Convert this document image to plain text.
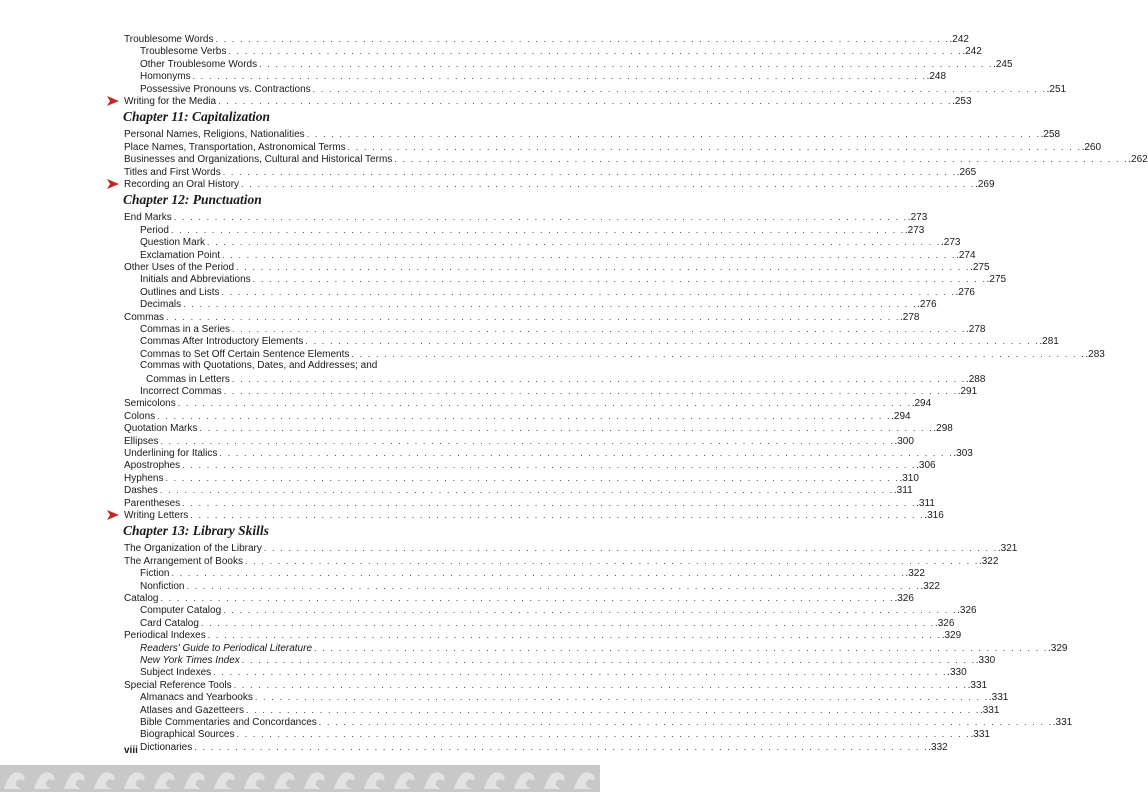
Troublesome Words . . . . . . . . . . . . . . . . . . . . . . . . . . . . . . . . . . . . . . . . . . . . . . . . . . . . . . . . . . . . . . . . . . . . . . . . . . . . . . . . . . . . . . . . . . .242
Troublesome Verbs . . . . . . . . . . . . . . . . . . . . . . . . . . . . . . . . . . . . . . . . . . . . . . . . . . . . . . . . . . . . . . . . . . . . . . . . . . . . . . . . . . . . . . . . . . .242
Other Troublesome Words . . . . . . . . . . . . . . . . . . . . . . . . . . . . . . . . . . . . . . . . . . . . . . . . . . . . . . . . . . . . . . . . . . . . . . . . . . . . . . . . . . . . . . . . . . .245
Homonyms . . . . . . . . . . . . . . . . . . . . . . . . . . . . . . . . . . . . . . . . . . . . . . . . . . . . . . . . . . . . . . . . . . . . . . . . . . . . . . . . . . . . . . . . . . .248
Possessive Pronouns vs. Contractions . . . . . . . . . . . . . . . . . . . . . . . . . . . . . . . . . . . . . . . . . . . . . . . . . . . . . . . . . . . . . . . . . . . . . . . . . . . . . . . . . . . . . . . . . . .251
Writing for the Media . . . . . . . . . . . . . . . . . . . . . . . . . . . . . . . . . . . . . . . . . . . . . . . . . . . . . . . . . . . . . . . . . . . . . . . . . . . . . . . . . . . . . . . . . . .253
Chapter 11: Capitalization
Personal Names, Religions, Nationalities . . . . . . . . . . . . . . . . . . . . . . . . . . . . . . . . . . . . . . . . . . . . . . . . . . . . . . . . . . . . . . . . . . . . . . . . . . . . . . . . . . . . . . . . . . .258
Place Names, Transportation, Astronomical Terms . . . . . . . . . . . . . . . . . . . . . . . . . . . . . . . . . . . . . . . . . . . . . . . . . . . . . . . . . . . . . . . . . . . . . . . . . . . . . . . . . . . . . . . . . . .260
Businesses and Organizations, Cultural and Historical Terms . . . . . . . . . . . . . . . . . . . . . . . . . . . . . . . . . . . . . . . . . . . . . . . . . . . . . . . . . . . . . . . . . . . . . . . . . . . . . . . . . . . . . . . . . . .262
Titles and First Words . . . . . . . . . . . . . . . . . . . . . . . . . . . . . . . . . . . . . . . . . . . . . . . . . . . . . . . . . . . . . . . . . . . . . . . . . . . . . . . . . . . . . . . . . . .265
Recording an Oral History . . . . . . . . . . . . . . . . . . . . . . . . . . . . . . . . . . . . . . . . . . . . . . . . . . . . . . . . . . . . . . . . . . . . . . . . . . . . . . . . . . . . . . . . . . .269
Chapter 12: Punctuation
End Marks . . . . . . . . . . . . . . . . . . . . . . . . . . . . . . . . . . . . . . . . . . . . . . . . . . . . . . . . . . . . . . . . . . . . . . . . . . . . . . . . . . . . . . . . . . .273
Period . . . . . . . . . . . . . . . . . . . . . . . . . . . . . . . . . . . . . . . . . . . . . . . . . . . . . . . . . . . . . . . . . . . . . . . . . . . . . . . . . . . . . . . . . . .273
Question Mark . . . . . . . . . . . . . . . . . . . . . . . . . . . . . . . . . . . . . . . . . . . . . . . . . . . . . . . . . . . . . . . . . . . . . . . . . . . . . . . . . . . . . . . . . . .273
Exclamation Point . . . . . . . . . . . . . . . . . . . . . . . . . . . . . . . . . . . . . . . . . . . . . . . . . . . . . . . . . . . . . . . . . . . . . . . . . . . . . . . . . . . . . . . . . . .274
Other Uses of the Period . . . . . . . . . . . . . . . . . . . . . . . . . . . . . . . . . . . . . . . . . . . . . . . . . . . . . . . . . . . . . . . . . . . . . . . . . . . . . . . . . . . . . . . . . . .275
Initials and Abbreviations . . . . . . . . . . . . . . . . . . . . . . . . . . . . . . . . . . . . . . . . . . . . . . . . . . . . . . . . . . . . . . . . . . . . . . . . . . . . . . . . . . . . . . . . . . .275
Outlines and Lists . . . . . . . . . . . . . . . . . . . . . . . . . . . . . . . . . . . . . . . . . . . . . . . . . . . . . . . . . . . . . . . . . . . . . . . . . . . . . . . . . . . . . . . . . . .276
Decimals . . . . . . . . . . . . . . . . . . . . . . . . . . . . . . . . . . . . . . . . . . . . . . . . . . . . . . . . . . . . . . . . . . . . . . . . . . . . . . . . . . . . . . . . . . .276
Commas . . . . . . . . . . . . . . . . . . . . . . . . . . . . . . . . . . . . . . . . . . . . . . . . . . . . . . . . . . . . . . . . . . . . . . . . . . . . . . . . . . . . . . . . . . .278
Commas in a Series . . . . . . . . . . . . . . . . . . . . . . . . . . . . . . . . . . . . . . . . . . . . . . . . . . . . . . . . . . . . . . . . . . . . . . . . . . . . . . . . . . . . . . . . . . .278
Commas After Introductory Elements . . . . . . . . . . . . . . . . . . . . . . . . . . . . . . . . . . . . . . . . . . . . . . . . . . . . . . . . . . . . . . . . . . . . . . . . . . . . . . . . . . . . . . . . . . .281
Commas to Set Off Certain Sentence Elements . . . . . . . . . . . . . . . . . . . . . . . . . . . . . . . . . . . . . . . . . . . . . . . . . . . . . . . . . . . . . . . . . . . . . . . . . . . . . . . . . . . . . . . . . . .283
Commas with Quotations, Dates, and Addresses; and
Commas in Letters . . . . . . . . . . . . . . . . . . . . . . . . . . . . . . . . . . . . . . . . . . . . . . . . . . . . . . . . . . . . . . . . . . . . . . . . . . . . . . . . . . . . . . . . . . .288
Incorrect Commas . . . . . . . . . . . . . . . . . . . . . . . . . . . . . . . . . . . . . . . . . . . . . . . . . . . . . . . . . . . . . . . . . . . . . . . . . . . . . . . . . . . . . . . . . . .291
Semicolons . . . . . . . . . . . . . . . . . . . . . . . . . . . . . . . . . . . . . . . . . . . . . . . . . . . . . . . . . . . . . . . . . . . . . . . . . . . . . . . . . . . . . . . . . . .294
Colons . . . . . . . . . . . . . . . . . . . . . . . . . . . . . . . . . . . . . . . . . . . . . . . . . . . . . . . . . . . . . . . . . . . . . . . . . . . . . . . . . . . . . . . . . . .294
Quotation Marks . . . . . . . . . . . . . . . . . . . . . . . . . . . . . . . . . . . . . . . . . . . . . . . . . . . . . . . . . . . . . . . . . . . . . . . . . . . . . . . . . . . . . . . . . . .298
Ellipses . . . . . . . . . . . . . . . . . . . . . . . . . . . . . . . . . . . . . . . . . . . . . . . . . . . . . . . . . . . . . . . . . . . . . . . . . . . . . . . . . . . . . . . . . . .300
Underlining for Italics . . . . . . . . . . . . . . . . . . . . . . . . . . . . . . . . . . . . . . . . . . . . . . . . . . . . . . . . . . . . . . . . . . . . . . . . . . . . . . . . . . . . . . . . . . .303
Apostrophes . . . . . . . . . . . . . . . . . . . . . . . . . . . . . . . . . . . . . . . . . . . . . . . . . . . . . . . . . . . . . . . . . . . . . . . . . . . . . . . . . . . . . . . . . . .306
Hyphens . . . . . . . . . . . . . . . . . . . . . . . . . . . . . . . . . . . . . . . . . . . . . . . . . . . . . . . . . . . . . . . . . . . . . . . . . . . . . . . . . . . . . . . . . . .310
Dashes . . . . . . . . . . . . . . . . . . . . . . . . . . . . . . . . . . . . . . . . . . . . . . . . . . . . . . . . . . . . . . . . . . . . . . . . . . . . . . . . . . . . . . . . . . .311
Parentheses . . . . . . . . . . . . . . . . . . . . . . . . . . . . . . . . . . . . . . . . . . . . . . . . . . . . . . . . . . . . . . . . . . . . . . . . . . . . . . . . . . . . . . . . . . .311
Writing Letters . . . . . . . . . . . . . . . . . . . . . . . . . . . . . . . . . . . . . . . . . . . . . . . . . . . . . . . . . . . . . . . . . . . . . . . . . . . . . . . . . . . . . . . . . . .316
Chapter 13: Library Skills
The Organization of the Library . . . . . . . . . . . . . . . . . . . . . . . . . . . . . . . . . . . . . . . . . . . . . . . . . . . . . . . . . . . . . . . . . . . . . . . . . . . . . . . . . . . . . . . . . . .321
The Arrangement of Books . . . . . . . . . . . . . . . . . . . . . . . . . . . . . . . . . . . . . . . . . . . . . . . . . . . . . . . . . . . . . . . . . . . . . . . . . . . . . . . . . . . . . . . . . . .322
Fiction . . . . . . . . . . . . . . . . . . . . . . . . . . . . . . . . . . . . . . . . . . . . . . . . . . . . . . . . . . . . . . . . . . . . . . . . . . . . . . . . . . . . . . . . . . .322
Nonfiction . . . . . . . . . . . . . . . . . . . . . . . . . . . . . . . . . . . . . . . . . . . . . . . . . . . . . . . . . . . . . . . . . . . . . . . . . . . . . . . . . . . . . . . . . . .322
Catalog . . . . . . . . . . . . . . . . . . . . . . . . . . . . . . . . . . . . . . . . . . . . . . . . . . . . . . . . . . . . . . . . . . . . . . . . . . . . . . . . . . . . . . . . . . .326
Computer Catalog . . . . . . . . . . . . . . . . . . . . . . . . . . . . . . . . . . . . . . . . . . . . . . . . . . . . . . . . . . . . . . . . . . . . . . . . . . . . . . . . . . . . . . . . . . .326
Card Catalog . . . . . . . . . . . . . . . . . . . . . . . . . . . . . . . . . . . . . . . . . . . . . . . . . . . . . . . . . . . . . . . . . . . . . . . . . . . . . . . . . . . . . . . . . . .326
Periodical Indexes . . . . . . . . . . . . . . . . . . . . . . . . . . . . . . . . . . . . . . . . . . . . . . . . . . . . . . . . . . . . . . . . . . . . . . . . . . . . . . . . . . . . . . . . . . .329
Readers' Guide to Periodical Literature . . . . . . . . . . . . . . . . . . . . . . . . . . . . . . . . . . . . . . . . . . . . . . . . . . . . . . . . . . . . . . . . . . . . . . . . . . . . . . . . . . . . . . . . . . .329
New York Times Index . . . . . . . . . . . . . . . . . . . . . . . . . . . . . . . . . . . . . . . . . . . . . . . . . . . . . . . . . . . . . . . . . . . . . . . . . . . . . . . . . . . . . . . . . . .330
Subject Indexes . . . . . . . . . . . . . . . . . . . . . . . . . . . . . . . . . . . . . . . . . . . . . . . . . . . . . . . . . . . . . . . . . . . . . . . . . . . . . . . . . . . . . . . . . . .330
Special Reference Tools . . . . . . . . . . . . . . . . . . . . . . . . . . . . . . . . . . . . . . . . . . . . . . . . . . . . . . . . . . . . . . . . . . . . . . . . . . . . . . . . . . . . . . . . . . .331
Almanacs and Yearbooks . . . . . . . . . . . . . . . . . . . . . . . . . . . . . . . . . . . . . . . . . . . . . . . . . . . . . . . . . . . . . . . . . . . . . . . . . . . . . . . . . . . . . . . . . . .331
Atlases and Gazetteers . . . . . . . . . . . . . . . . . . . . . . . . . . . . . . . . . . . . . . . . . . . . . . . . . . . . . . . . . . . . . . . . . . . . . . . . . . . . . . . . . . . . . . . . . . .331
Bible Commentaries and Concordances . . . . . . . . . . . . . . . . . . . . . . . . . . . . . . . . . . . . . . . . . . . . . . . . . . . . . . . . . . . . . . . . . . . . . . . . . . . . . . . . . . . . . . . . . . .331
Biographical Sources . . . . . . . . . . . . . . . . . . . . . . . . . . . . . . . . . . . . . . . . . . . . . . . . . . . . . . . . . . . . . . . . . . . . . . . . . . . . . . . . . . . . . . . . . . .331
Dictionaries . . . . . . . . . . . . . . . . . . . . . . . . . . . . . . . . . . . . . . . . . . . . . . . . . . . . . . . . . . . . . . . . . . . . . . . . . . . . . . . . . . . . . . . . . . .332
viii
